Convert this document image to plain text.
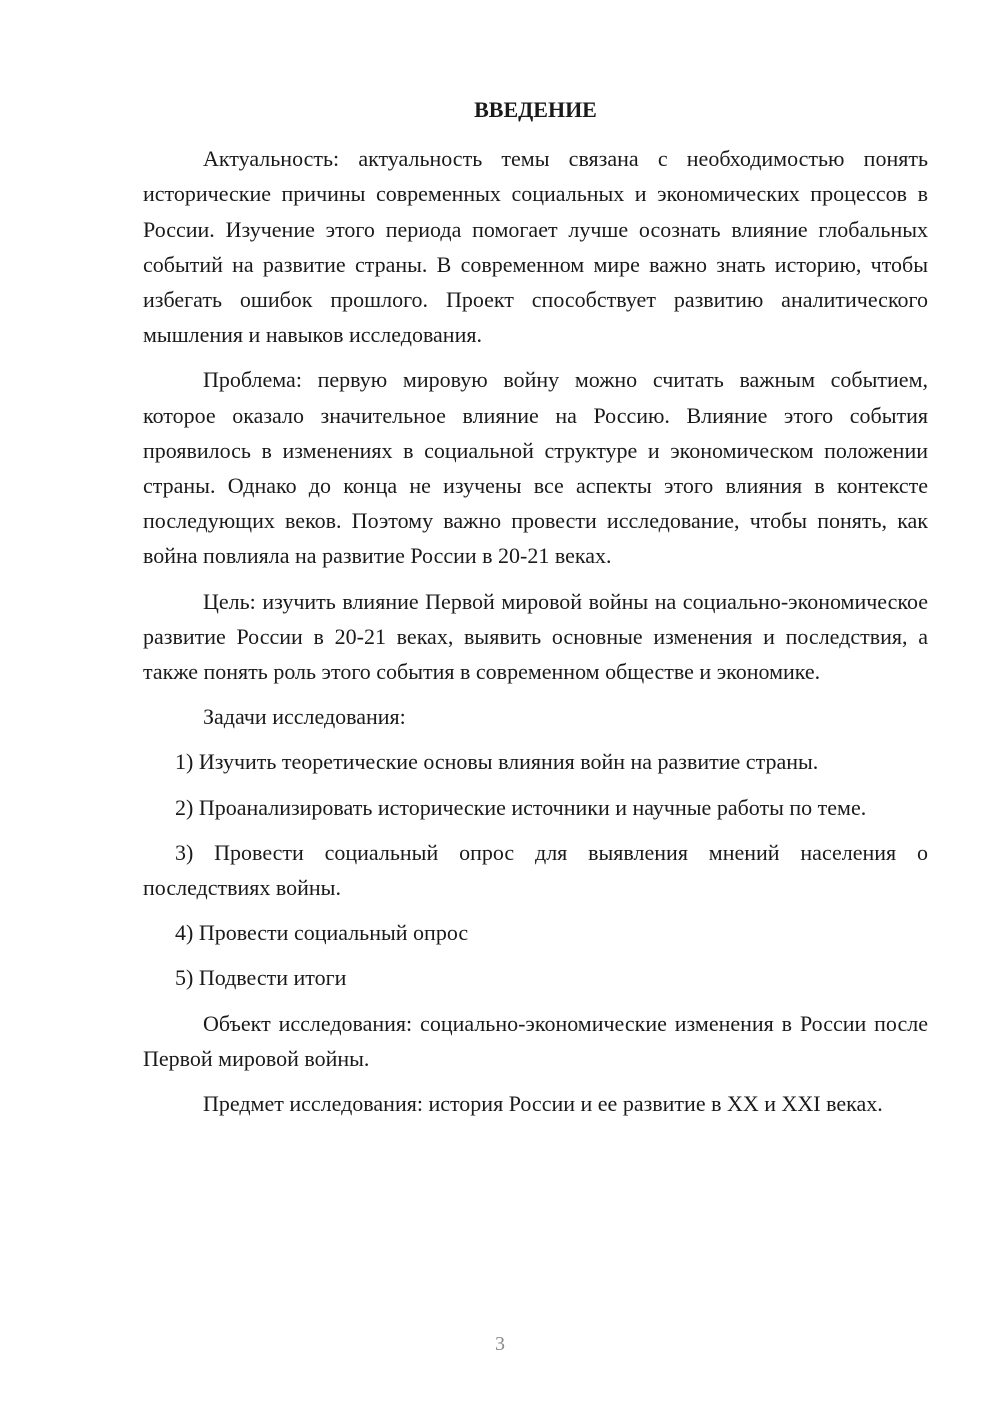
ВВЕДЕНИЕ

Актуальность: актуальность темы связана с необходимостью понять исторические причины современных социальных и экономических процессов в России. Изучение этого периода помогает лучше осознать влияние глобальных событий на развитие страны. В современном мире важно знать историю, чтобы избегать ошибок прошлого. Проект способствует развитию аналитического мышления и навыков исследования.

Проблема: первую мировую войну можно считать важным событием, которое оказало значительное влияние на Россию. Влияние этого события проявилось в изменениях в социальной структуре и экономическом положении страны. Однако до конца не изучены все аспекты этого влияния в контексте последующих веков. Поэтому важно провести исследование, чтобы понять, как война повлияла на развитие России в 20-21 веках.

Цель: изучить влияние Первой мировой войны на социально-экономическое развитие России в 20-21 веках, выявить основные изменения и последствия, а также понять роль этого события в современном обществе и экономике.

Задачи исследования:

1) Изучить теоретические основы влияния войн на развитие страны.

2) Проанализировать исторические источники и научные работы по теме.

3) Провести социальный опрос для выявления мнений населения о последствиях войны.

4) Провести социальный опрос

5) Подвести итоги

Объект исследования: социально-экономические изменения в России после Первой мировой войны.

Предмет исследования: история России и ее развитие в XX и XXI веках.

3
